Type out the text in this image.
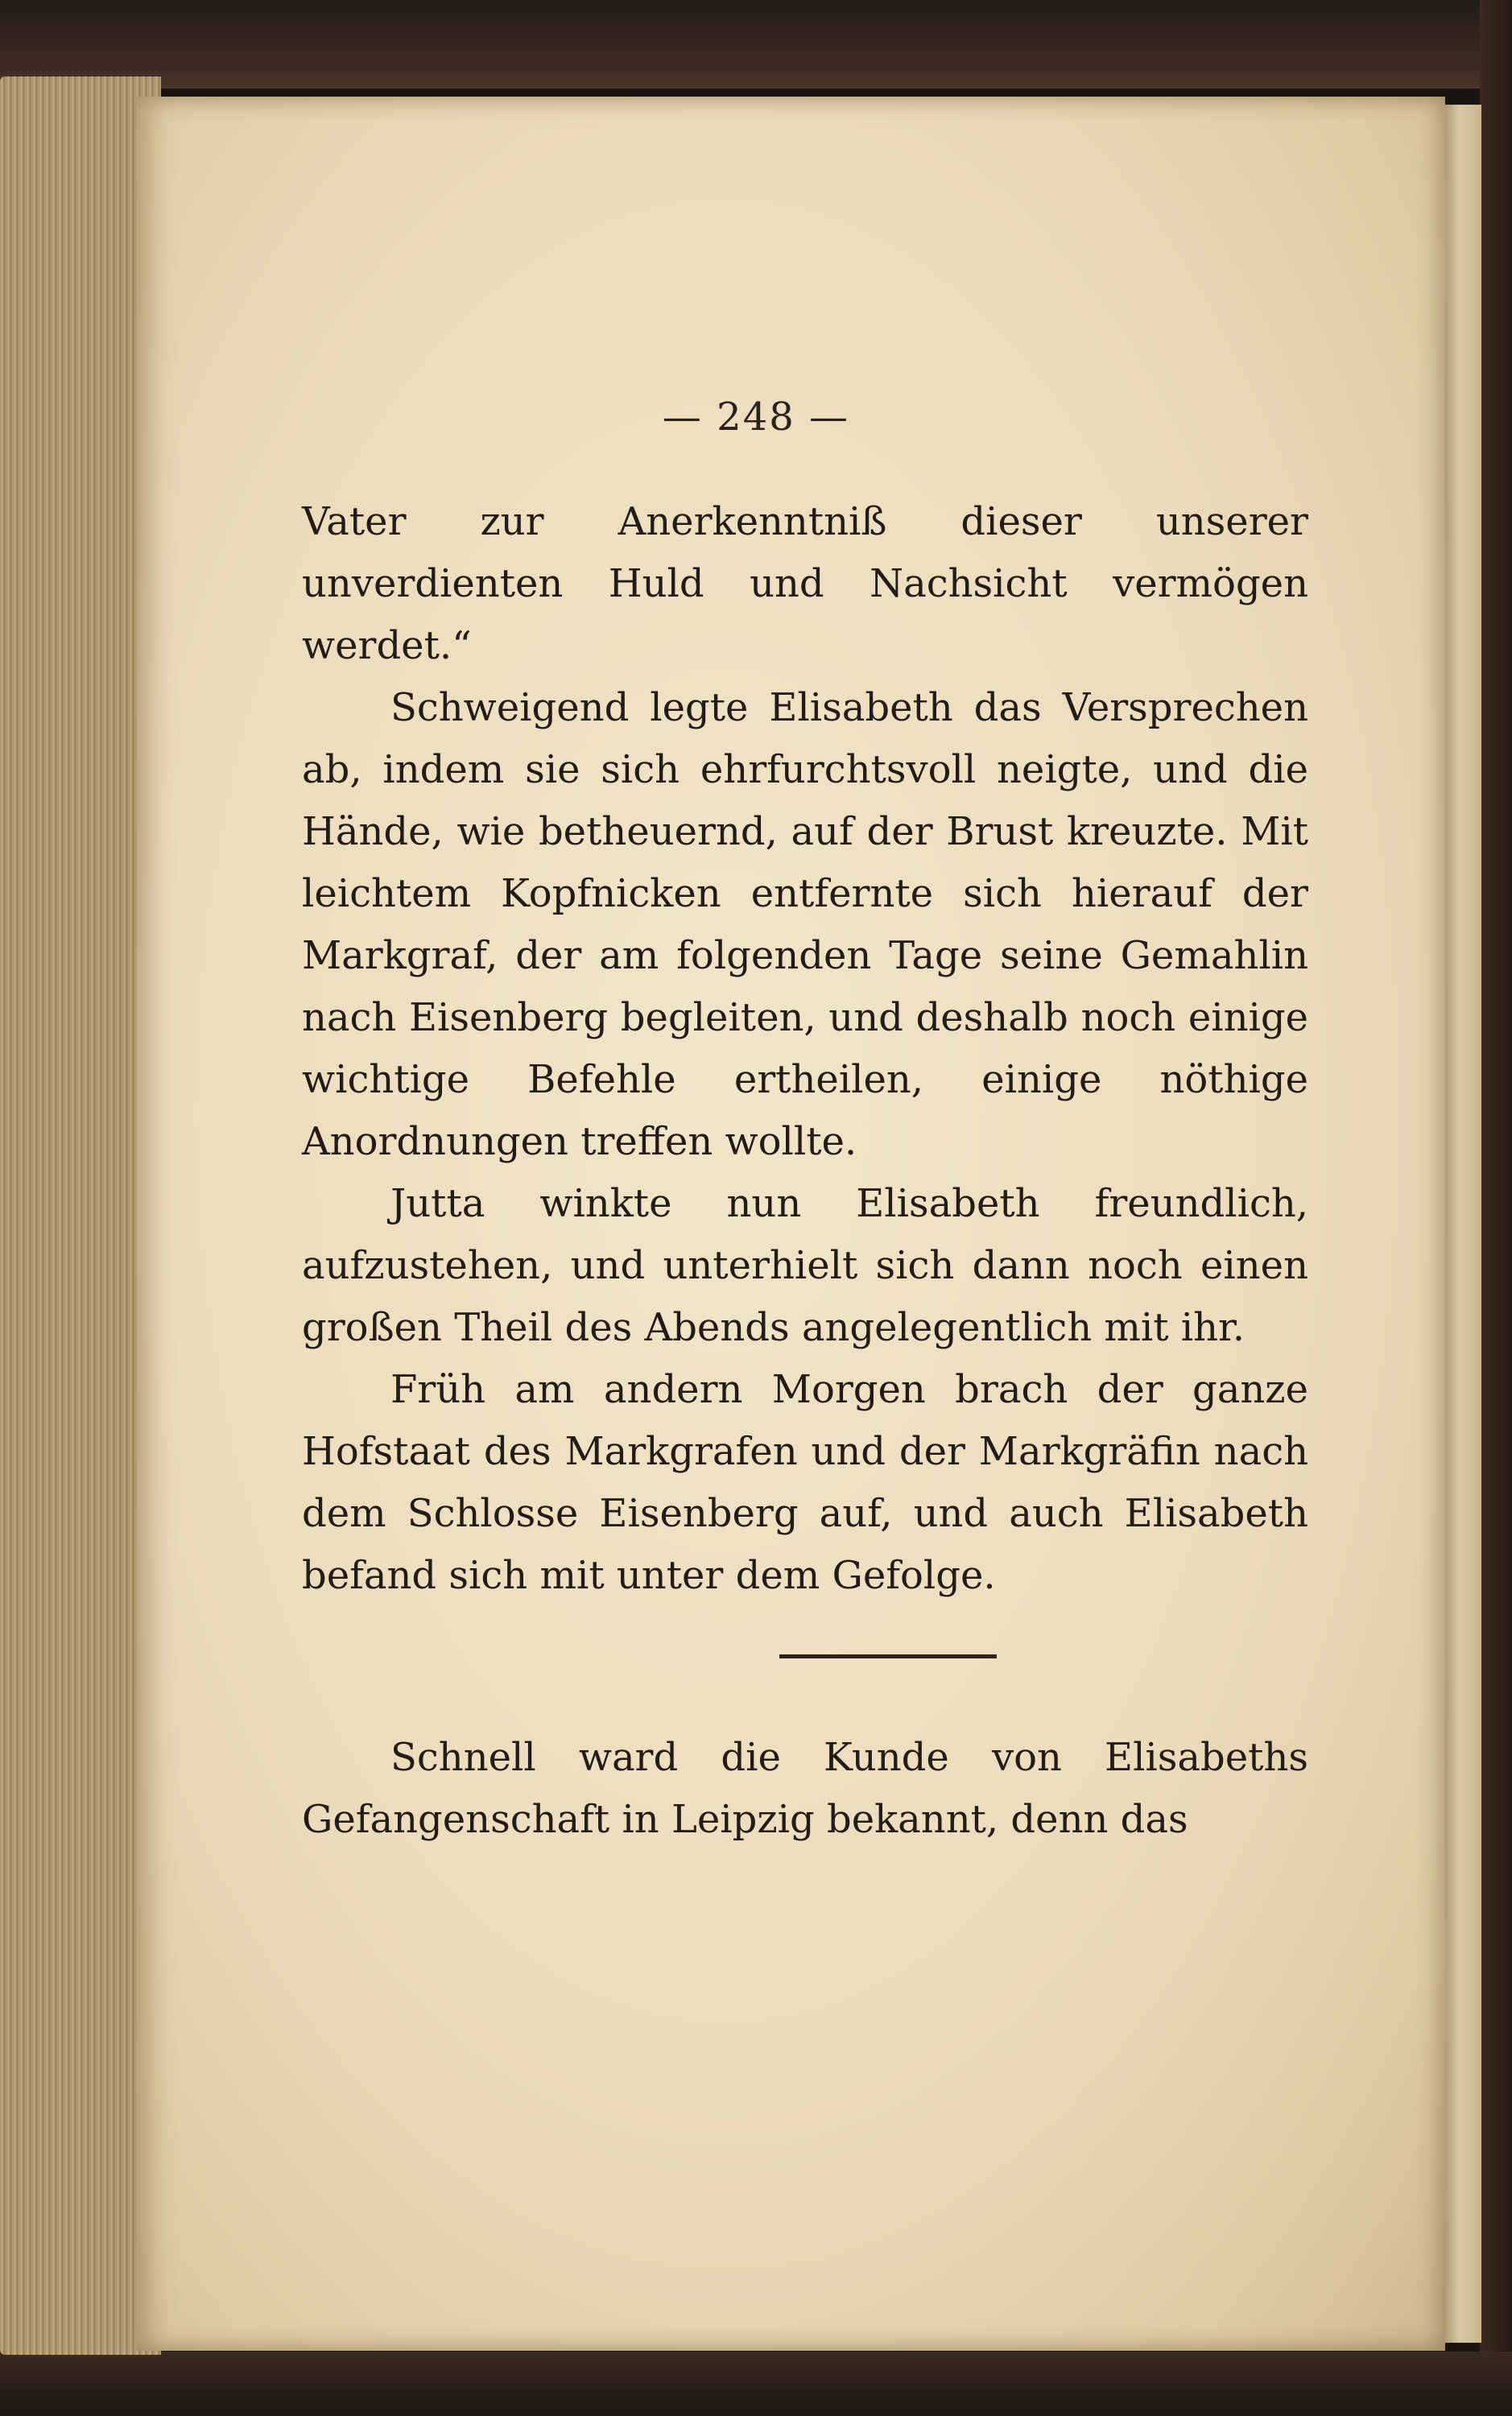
— 248 —

Vater zur Anerkenntniß dieser unserer unverdienten Huld und Nachsicht vermögen werdet.“

Schweigend legte Elisabeth das Versprechen ab, indem sie sich ehrfurchtsvoll neigte, und die Hände, wie betheuernd, auf der Brust kreuzte. Mit leichtem Kopfnicken entfernte sich hierauf der Markgraf, der am folgenden Tage seine Gemahlin nach Eisenberg begleiten, und deshalb noch einige wichtige Befehle ertheilen, einige nöthige Anordnungen treffen wollte.

Jutta winkte nun Elisabeth freundlich, aufzustehen, und unterhielt sich dann noch einen großen Theil des Abends angelegentlich mit ihr.

Früh am andern Morgen brach der ganze Hofstaat des Markgrafen und der Markgräfin nach dem Schlosse Eisenberg auf, und auch Elisabeth befand sich mit unter dem Gefolge.

Schnell ward die Kunde von Elisabeths Gefangenschaft in Leipzig bekannt, denn das
